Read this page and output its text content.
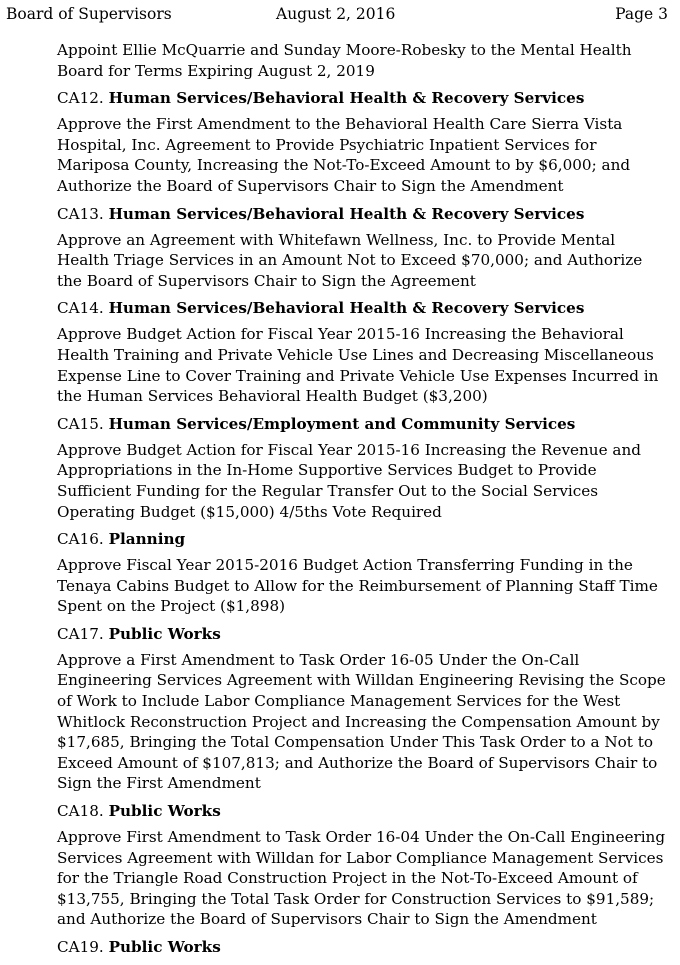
Board of Supervisors	August 2, 2016	Page 3

Appoint Ellie McQuarrie and Sunday Moore-Robesky to the Mental Health Board for Terms Expiring August 2, 2019

CA12. Human Services/Behavioral Health & Recovery Services

Approve the First Amendment to the Behavioral Health Care Sierra Vista Hospital, Inc. Agreement to Provide Psychiatric Inpatient Services for Mariposa County, Increasing the Not-To-Exceed Amount to by $6,000; and Authorize the Board of Supervisors Chair to Sign the Amendment

CA13. Human Services/Behavioral Health & Recovery Services

Approve an Agreement with Whitefawn Wellness, Inc. to Provide Mental Health Triage Services in an Amount Not to Exceed $70,000; and Authorize the Board of Supervisors Chair to Sign the Agreement

CA14. Human Services/Behavioral Health & Recovery Services

Approve Budget Action for Fiscal Year 2015-16 Increasing the Behavioral Health Training and Private Vehicle Use Lines and Decreasing Miscellaneous Expense Line to Cover Training and Private Vehicle Use Expenses Incurred in the Human Services Behavioral Health Budget ($3,200)

CA15. Human Services/Employment and Community Services

Approve Budget Action for Fiscal Year 2015-16 Increasing the Revenue and Appropriations in the In-Home Supportive Services Budget to Provide Sufficient Funding for the Regular Transfer Out to the Social Services Operating Budget ($15,000) 4/5ths Vote Required

CA16. Planning

Approve Fiscal Year 2015-2016 Budget Action Transferring Funding in the Tenaya Cabins Budget to Allow for the Reimbursement of Planning Staff Time Spent on the Project ($1,898)

CA17. Public Works

Approve a First Amendment to Task Order 16-05 Under the On-Call Engineering Services Agreement with Willdan Engineering Revising the Scope of Work to Include Labor Compliance Management Services for the West Whitlock Reconstruction Project and Increasing the Compensation Amount by $17,685, Bringing the Total Compensation Under This Task Order to a Not to Exceed Amount of $107,813; and Authorize the Board of Supervisors Chair to Sign the First Amendment

CA18. Public Works

Approve First Amendment to Task Order 16-04 Under the On-Call Engineering Services Agreement with Willdan for Labor Compliance Management Services for the Triangle Road Construction Project in the Not-To-Exceed Amount of $13,755, Bringing the Total Task Order for Construction Services to $91,589; and Authorize the Board of Supervisors Chair to Sign the Amendment

CA19. Public Works
